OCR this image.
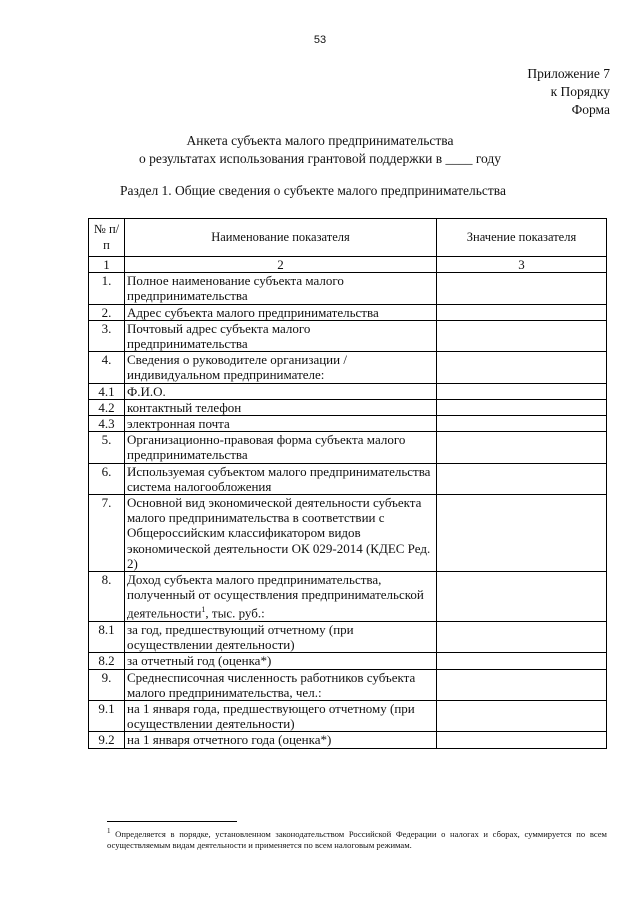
53
Приложение 7
к Порядку
Форма
Анкета субъекта малого предпринимательства
о результатах использования грантовой поддержки в ____ году
Раздел 1. Общие сведения о субъекте малого предпринимательства
№ п/п	Наименование показателя	Значение показателя
1	2	3
1.	Полное наименование субъекта малого предпринимательства	
2.	Адрес субъекта малого предпринимательства	
3.	Почтовый адрес субъекта малого предпринимательства	
4.	Сведения о руководителе организации / индивидуальном предпринимателе:	
4.1	Ф.И.О.	
4.2	контактный телефон	
4.3	электронная почта	
5.	Организационно-правовая форма субъекта малого предпринимательства	
6.	Используемая субъектом малого предпринимательства система налогообложения	
7.	Основной вид экономической деятельности субъекта малого предпринимательства в соответствии с Общероссийским классификатором видов экономической деятельности ОК 029-2014 (КДЕС Ред. 2)	
8.	Доход субъекта малого предпринимательства, полученный от осуществления предпринимательской деятельности$^1$, тыс. руб.:	
8.1	за год, предшествующий отчетному (при осуществлении деятельности)	
8.2	за отчетный год (оценка*)	
9.	Среднесписочная численность работников субъекта малого предпринимательства, чел.:	
9.1	на 1 января года, предшествующего отчетному (при осуществлении деятельности)	
9.2	на 1 января отчетного года (оценка*)	
$^1$ Определяется в порядке, установленном законодательством Российской Федерации о налогах и сборах, суммируется по всем осуществляемым видам деятельности и применяется по всем налоговым режимам.
